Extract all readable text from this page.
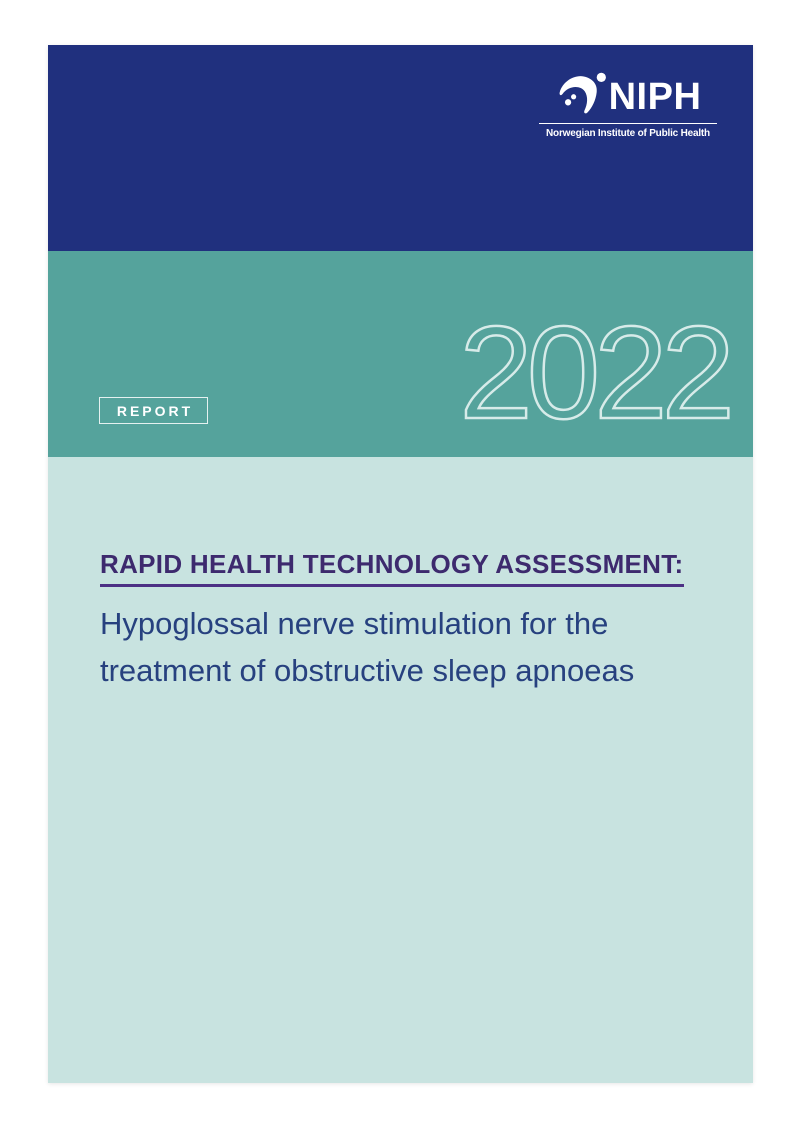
NIPH
Norwegian Institute of Public Health
REPORT 2022
RAPID HEALTH TECHNOLOGY ASSESSMENT:
Hypoglossal nerve stimulation for the
treatment of obstructive sleep apnoeas
